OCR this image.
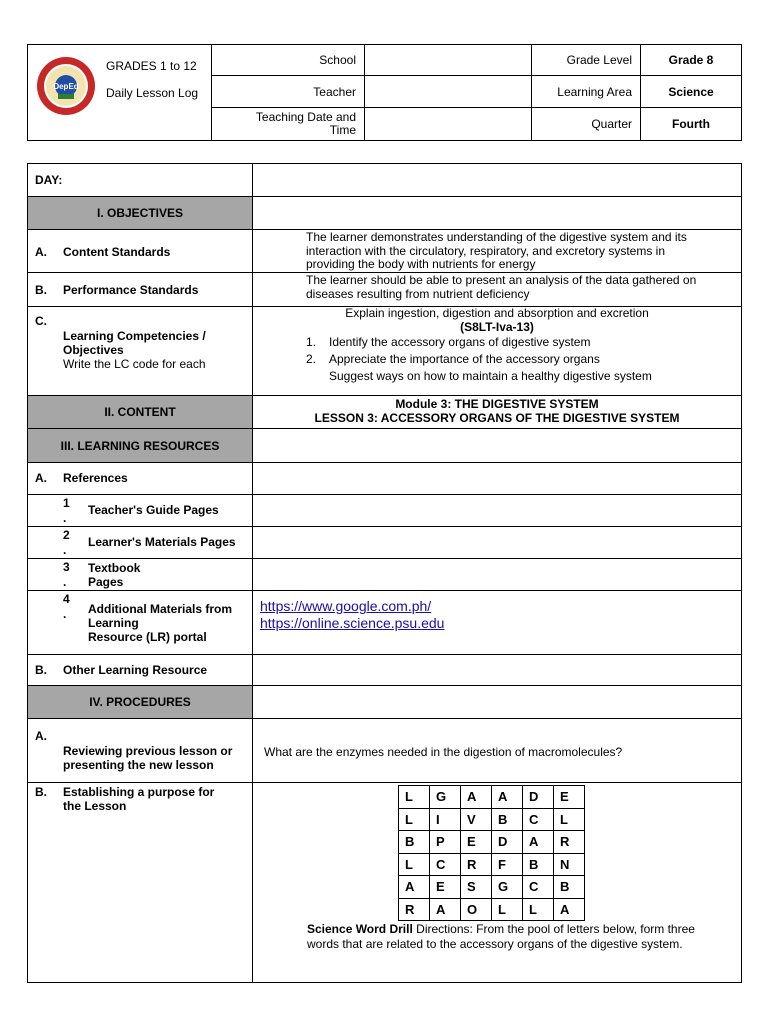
DepEd
GRADES 1 to 12
Daily Lesson Log
School	Grade Level	Grade 8
Teacher	Learning Area	Science
Teaching Date and
Time	Quarter	Fourth
DAY:
I. OBJECTIVES
A. Content Standards
The learner demonstrates understanding of the digestive system and its
interaction with the circulatory, respiratory, and excretory systems in
providing the body with nutrients for energy
B. Performance Standards
The learner should be able to present an analysis of the data gathered on
diseases resulting from nutrient deficiency
C.
Learning Competencies /
Objectives
Write the LC code for each
Explain ingestion, digestion and absorption and excretion
(S8LT-Iva-13)
1. Identify the accessory organs of digestive system
2. Appreciate the importance of the accessory organs
Suggest ways on how to maintain a healthy digestive system
II. CONTENT
Module 3: THE DIGESTIVE SYSTEM
LESSON 3: ACCESSORY ORGANS OF THE DIGESTIVE SYSTEM
III. LEARNING RESOURCES
A. References
1
.
Teacher's Guide Pages
2
.
Learner's Materials Pages
3
.
Textbook
Pages
4
. Additional Materials from
Learning
Resource (LR) portal
https://www.google.com.ph/
https://online.science.psu.edu
B. Other Learning Resource
IV. PROCEDURES
A.
Reviewing previous lesson or
presenting the new lesson
What are the enzymes needed in the digestion of macromolecules?
B. Establishing a purpose for
the Lesson
L	G	A	A	D	E
L	I	V	B	C	L
B	P	E	D	A	R
L	C	R	F	B	N
A	E	S	G	C	B
R	A	O	L	L	A
Science Word Drill Directions: From the pool of letters below, form three
words that are related to the accessory organs of the digestive system.
